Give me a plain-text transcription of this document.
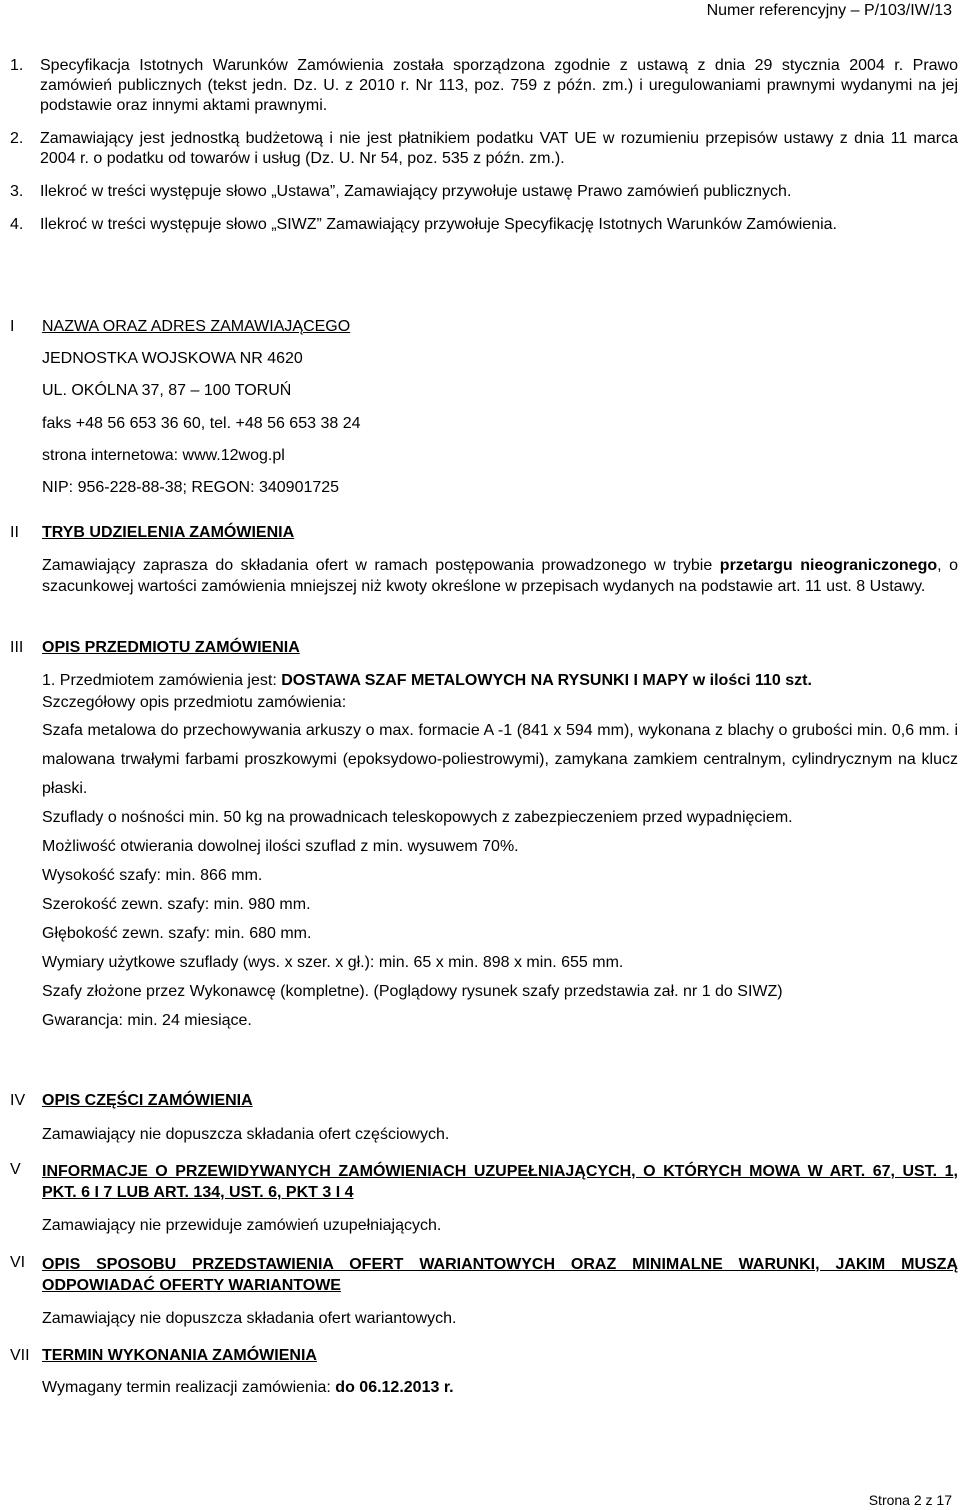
Numer referencyjny – P/103/IW/13
1.	Specyfikacja Istotnych Warunków Zamówienia została sporządzona zgodnie z ustawą z dnia 29 stycznia 2004 r. Prawo zamówień publicznych (tekst jedn. Dz. U. z 2010 r. Nr 113, poz. 759 z późn. zm.) i uregulowaniami prawnymi wydanymi na jej podstawie oraz innymi aktami prawnymi.
2.	Zamawiający jest jednostką budżetową i nie jest płatnikiem podatku VAT UE w rozumieniu przepisów ustawy z dnia 11 marca 2004 r. o podatku od towarów i usług (Dz. U. Nr 54, poz. 535 z późn. zm.).
3.	Ilekroć w treści występuje słowo „Ustawa”, Zamawiający przywołuje ustawę Prawo zamówień publicznych.
4.	Ilekroć w treści występuje słowo „SIWZ” Zamawiający przywołuje Specyfikację Istotnych Warunków Zamówienia.
I	NAZWA ORAZ ADRES ZAMAWIAJĄCEGO
JEDNOSTKA WOJSKOWA NR 4620
UL. OKÓLNA 37, 87 – 100 TORUŃ
faks +48 56 653 36 60, tel. +48 56 653 38 24
strona internetowa: www.12wog.pl
NIP: 956-228-88-38; REGON: 340901725
II	TRYB UDZIELENIA ZAMÓWIENIA
Zamawiający zaprasza do składania ofert w ramach postępowania prowadzonego w trybie przetargu nieograniczonego, o szacunkowej wartości zamówienia mniejszej niż kwoty określone w przepisach wydanych na podstawie art. 11 ust. 8 Ustawy.
III	OPIS PRZEDMIOTU ZAMÓWIENIA
1. Przedmiotem zamówienia jest: DOSTAWA SZAF METALOWYCH NA RYSUNKI I MAPY w ilości 110 szt.
Szczegółowy opis przedmiotu zamówienia:
Szafa metalowa do przechowywania arkuszy o max. formacie A -1 (841 x 594 mm), wykonana z blachy o grubości min. 0,6 mm. i malowana trwałymi farbami proszkowymi (epoksydowo-poliestrowymi), zamykana zamkiem centralnym, cylindrycznym na klucz płaski.
Szuflady o nośności min. 50 kg na prowadnicach teleskopowych z zabezpieczeniem przed wypadnięciem.
Możliwość otwierania dowolnej ilości szuflad z min. wysuwem 70%.
Wysokość szafy: min. 866 mm.
Szerokość zewn. szafy: min. 980 mm.
Głębokość zewn. szafy: min. 680 mm.
Wymiary użytkowe szuflady (wys. x szer. x gł.): min. 65 x min. 898 x min. 655 mm.
Szafy złożone przez Wykonawcę (kompletne). (Poglądowy rysunek szafy przedstawia zał. nr 1 do SIWZ)
Gwarancja: min. 24 miesiące.
IV	OPIS CZĘŚCI ZAMÓWIENIA
Zamawiający nie dopuszcza składania ofert częściowych.
V	INFORMACJE O PRZEWIDYWANYCH ZAMÓWIENIACH UZUPEŁNIAJĄCYCH, O KTÓRYCH MOWA W ART. 67, UST. 1, PKT. 6 I 7 LUB ART. 134, UST. 6, PKT 3 I 4
Zamawiający nie przewiduje zamówień uzupełniających.
VI	OPIS SPOSOBU PRZEDSTAWIENIA OFERT WARIANTOWYCH ORAZ MINIMALNE WARUNKI, JAKIM MUSZĄ ODPOWIADAĆ OFERTY WARIANTOWE
Zamawiający nie dopuszcza składania ofert wariantowych.
VII TERMIN WYKONANIA ZAMÓWIENIA
Wymagany termin realizacji zamówienia: do 06.12.2013 r.
Strona 2 z 17
